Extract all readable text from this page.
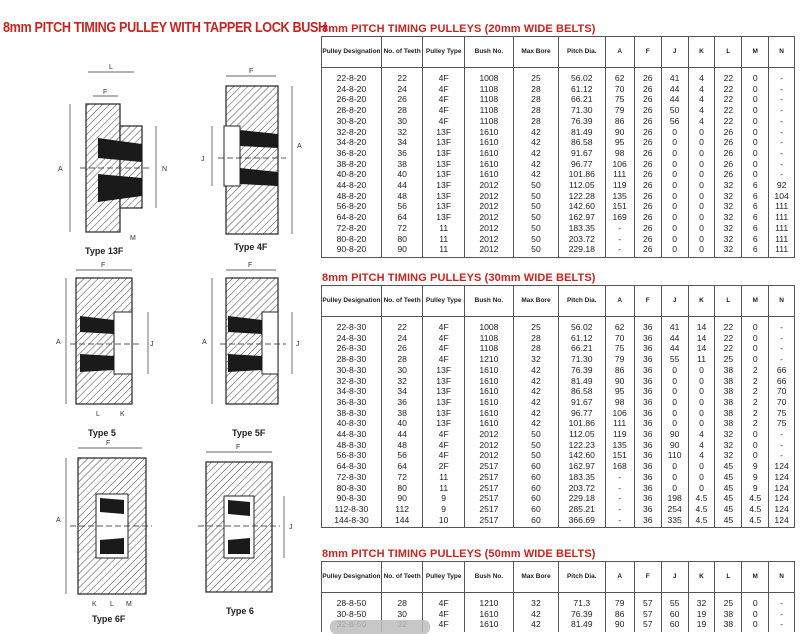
8mm PITCH TIMING PULLEY WITH TAPPER LOCK BUSH
L
F
A	N
M
Type 13F
F
J
A
Type 4F
F
A	J
L	K
Type 5
F
A	J
Type 5F
F
A
K L M
Type 6F
F
J
Type 6
8mm PITCH TIMING PULLEYS (20mm WIDE BELTS)
8mm PITCH TIMING PULLEYS (30mm WIDE BELTS)
8mm PITCH TIMING PULLEYS (50mm WIDE BELTS)
Pulley Designation	No. of Teeth	Pulley Type	Bush No.	Max Bore	Pitch Dia.	A	F	J	K	L	M	N
22-8-20	22	4F	1008	25	56.02	62	26	41	4	22	0	-
24-8-20	24	4F	1108	28	61.12	70	26	44	4	22	0	-
26-8-20	26	4F	1108	28	66.21	75	26	44	4	22	0	-
28-8-20	28	4F	1108	28	71.30	79	26	50	4	22	0	-
30-8-20	30	4F	1108	28	76.39	86	26	56	4	22	0	-
32-8-20	32	13F	1610	42	81.49	90	26	0	0	26	0	-
34-8-20	34	13F	1610	42	86.58	95	26	0	0	26	0	-
36-8-20	36	13F	1610	42	91.67	98	26	0	0	26	0	-
38-8-20	38	13F	1610	42	96.77	106	26	0	0	26	0	-
40-8-20	40	13F	1610	42	101.86	111	26	0	0	26	0	-
44-8-20	44	13F	2012	50	112.05	119	26	0	0	32	6	92
48-8-20	48	13F	2012	50	122.28	135	26	0	0	32	6	104
56-8-20	56	13F	2012	50	142.60	151	26	0	0	32	6	111
64-8-20	64	13F	2012	50	162.97	169	26	0	0	32	6	111
72-8-20	72	11	2012	50	183.35	-	26	0	0	32	6	111
80-8-20	80	11	2012	50	203.72	-	26	0	0	32	6	111
90-8-20	90	11	2012	50	229.18	-	26	0	0	32	6	111
Pulley Designation	No. of Teeth	Pulley Type	Bush No.	Max Bore	Pitch Dia.	A	F	J	K	L	M	N
22-8-30	22	4F	1008	25	56.02	62	36	41	14	22	0	-
24-8-30	24	4F	1108	28	61.12	70	36	44	14	22	0	-
26-8-30	26	4F	1108	28	66.21	75	36	44	14	22	0	-
28-8-30	28	4F	1210	32	71.30	79	36	55	11	25	0	-
30-8-30	30	13F	1610	42	76.39	86	36	0	0	38	2	66
32-8-30	32	13F	1610	42	81.49	90	36	0	0	38	2	66
34-8-30	34	13F	1610	42	86.58	95	36	0	0	38	2	70
36-8-30	36	13F	1610	42	91.67	98	36	0	0	38	2	70
38-8-30	38	13F	1610	42	96.77	106	36	0	0	38	2	75
40-8-30	40	13F	1610	42	101.86	111	36	0	0	38	2	75
44-8-30	44	4F	2012	50	112.05	119	36	90	4	32	0	-
48-8-30	48	4F	2012	50	122.23	135	36	90	4	32	0	-
56-8-30	56	4F	2012	50	142.60	151	36	110	4	32	0	-
64-8-30	64	2F	2517	60	162.97	168	36	0	0	45	9	124
72-8-30	72	11	2517	60	183.35	-	36	0	0	45	9	124
80-8-30	80	11	2517	60	203.72	-	36	0	0	45	9	124
90-8-30	90	9	2517	60	229.18	-	36	198	4.5	45	4.5	124
112-8-30	112	9	2517	60	285.21	-	36	254	4.5	45	4.5	124
144-8-30	144	10	2517	60	366.69	-	36	335	4.5	45	4.5	124
Pulley Designation	No. of Teeth	Pulley Type	Bush No.	Max Bore	Pitch Dia.	A	F	J	K	L	M	N
28-8-50	28	4F	1210	32	71.3	79	57	55	32	25	0	-
30-8-50	30	4F	1610	42	76.39	86	57	60	19	38	0	-
		4F	1610	42	81.49	90	57	60	19	38	0	-
